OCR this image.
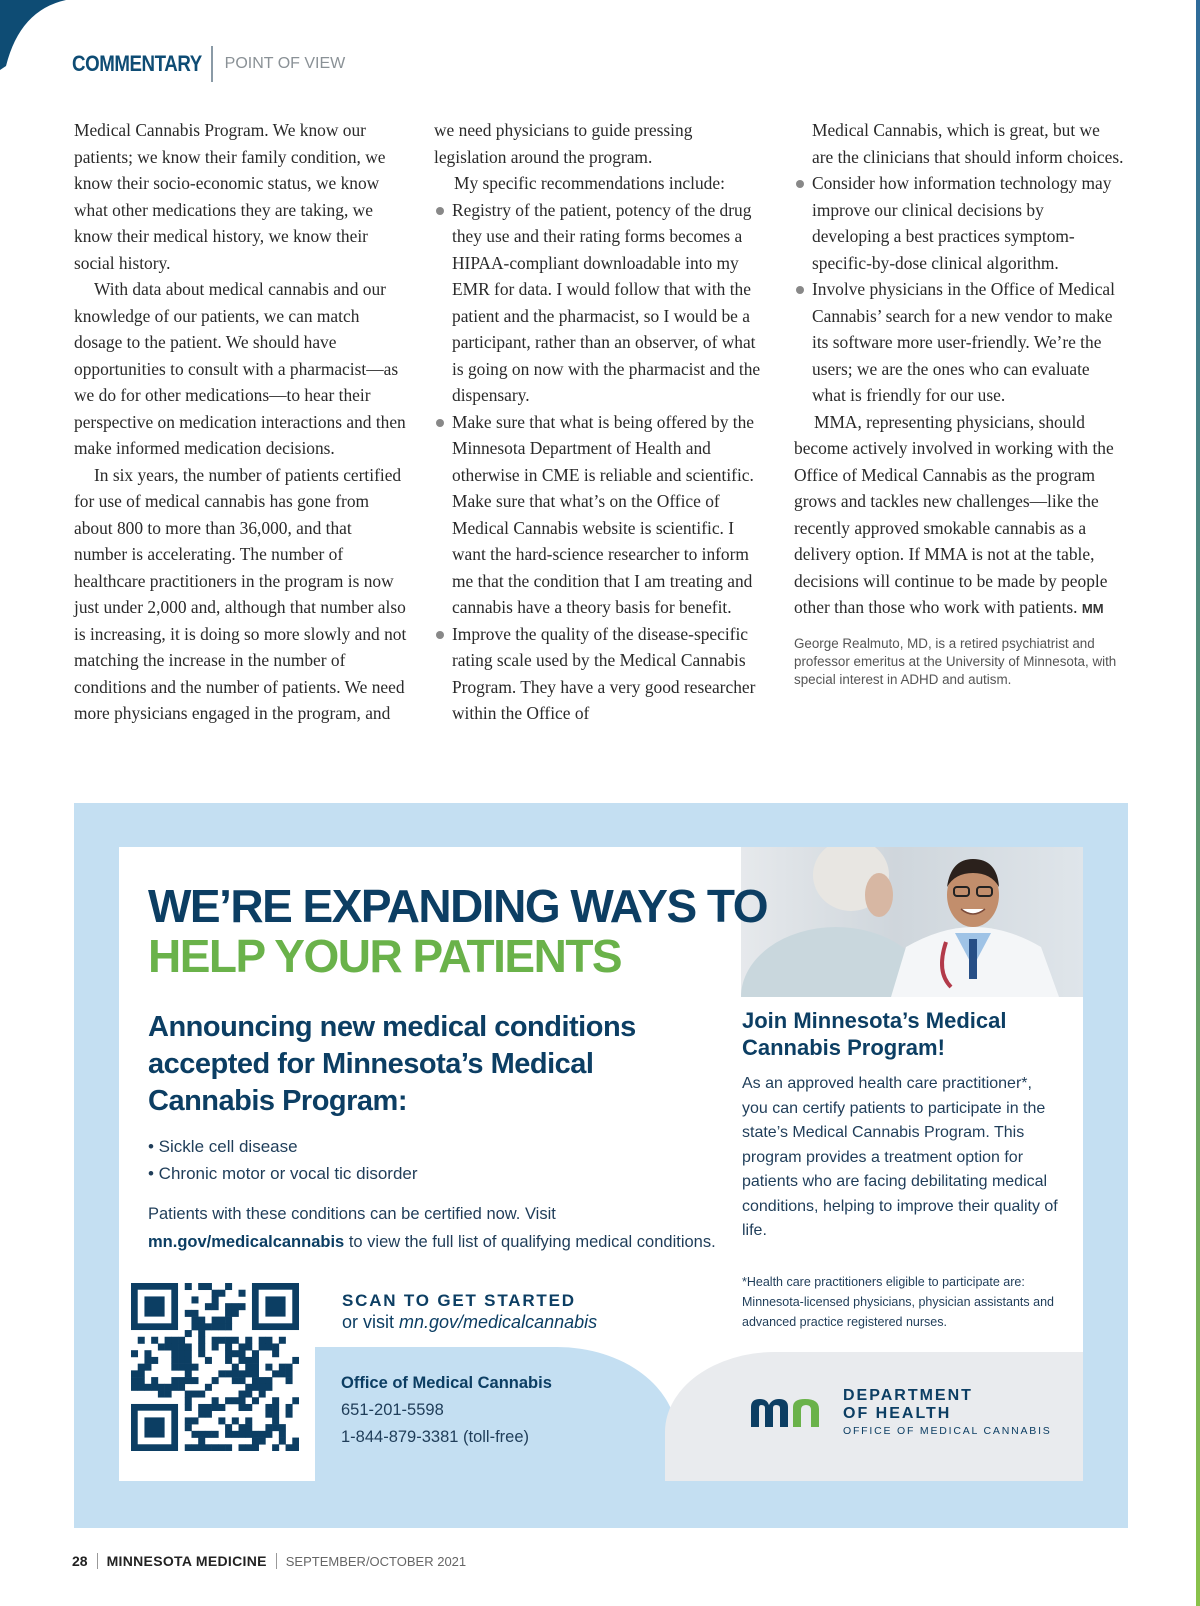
COMMENTARY POINT OF VIEW

Medical Cannabis Program. We know our patients; we know their family condition, we know their socio-economic status, we know what other medications they are taking, we know their medical history, we know their social history.

With data about medical cannabis and our knowledge of our patients, we can match dosage to the patient. We should have opportunities to consult with a pharmacist—as we do for other medications—to hear their perspective on medication interactions and then make informed medication decisions.

In six years, the number of patients certified for use of medical cannabis has gone from about 800 to more than 36,000, and that number is accelerating. The number of healthcare practitioners in the program is now just under 2,000 and, although that number also is increasing, it is doing so more slowly and not matching the increase in the number of conditions and the number of patients. We need more physicians engaged in the program, and

we need physicians to guide pressing legislation around the program.

My specific recommendations include:

Registry of the patient, potency of the drug they use and their rating forms becomes a HIPAA-compliant downloadable into my EMR for data. I would follow that with the patient and the pharmacist, so I would be a participant, rather than an observer, of what is going on now with the pharmacist and the dispensary.
Make sure that what is being offered by the Minnesota Department of Health and otherwise in CME is reliable and scientific. Make sure that what’s on the Office of Medical Cannabis website is scientific. I want the hard-science researcher to inform me that the condition that I am treating and cannabis have a theory basis for benefit.
Improve the quality of the disease-specific rating scale used by the Medical Cannabis Program. They have a very good researcher within the Office of

Medical Cannabis, which is great, but we are the clinicians that should inform choices.

Consider how information technology may improve our clinical decisions by developing a best practices symptom-specific-by-dose clinical algorithm.
Involve physicians in the Office of Medical Cannabis’ search for a new vendor to make its software more user-friendly. We’re the users; we are the ones who can evaluate what is friendly for our use.

MMA, representing physicians, should become actively involved in working with the Office of Medical Cannabis as the program grows and tackles new challenges—like the recently approved smokable cannabis as a delivery option. If MMA is not at the table, decisions will continue to be made by people other than those who work with patients. MM

George Realmuto, MD, is a retired psychiatrist and professor emeritus at the University of Minnesota, with special interest in ADHD and autism.

WE’RE EXPANDING WAYS TO
HELP YOUR PATIENTS
Announcing new medical conditions accepted for Minnesota’s Medical Cannabis Program:
• Sickle cell disease
• Chronic motor or vocal tic disorder
Patients with these conditions can be certified now. Visit
mn.gov/medicalcannabis to view the full list of qualifying medical conditions.
SCAN TO GET STARTED
or visit mn.gov/medicalcannabis
Office of Medical Cannabis
651-201-5598
1-844-879-3381 (toll-free)
Join Minnesota’s Medical Cannabis Program!
As an approved health care practitioner*, you can certify patients to participate in the state’s Medical Cannabis Program. This program provides a treatment option for patients who are facing debilitating medical conditions, helping to improve their quality of life.
*Health care practitioners eligible to participate are: Minnesota-licensed physicians, physician assistants and advanced practice registered nurses.
DEPARTMENT
OF HEALTH
OFFICE OF MEDICAL CANNABIS
28 MINNESOTA MEDICINE SEPTEMBER/OCTOBER 2021
